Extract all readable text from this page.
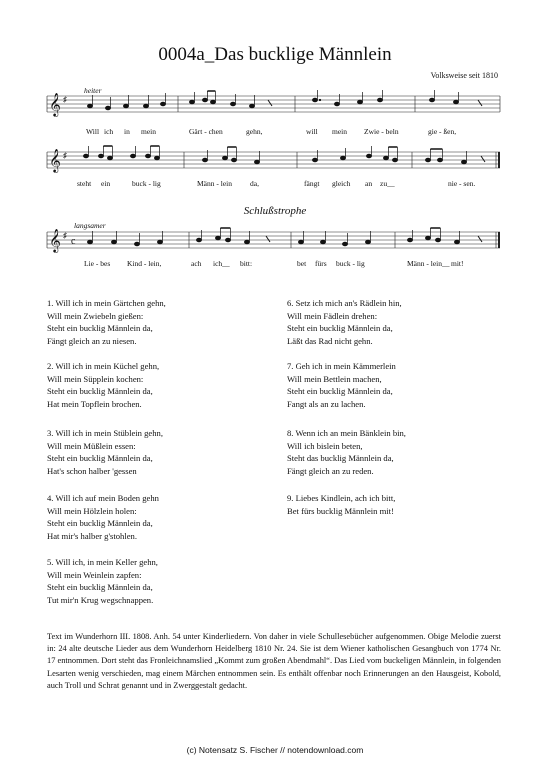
0004a_Das bucklige Männlein
Volksweise seit 1810
heiter
𝄞 ♯
Will ich in mein	Gärt - chen	gehn,	will mein Zwie - beln	gie - ßen,
𝄞 ♯
steht ein	buck - lig	Männ - lein da,	fängt gleich an zu__	nie - sen.
Schlußstrophe
langsamer
𝄞 ♯
c
Lie - bes Kind - lein,	ach ich__ bitt:	bet fürs buck - lig	Männ - lein__ mit!
1. Will ich in mein Gärtchen gehn,
Will mein Zwiebeln gießen:
Steht ein bucklig Männlein da,
Fängt gleich an zu niesen.
2. Will ich in mein Küchel gehn,
Will mein Süpplein kochen:
Steht ein bucklig Männlein da,
Hat mein Topflein brochen.
3. Will ich in mein Stüblein gehn,
Will mein Müßlein essen:
Steht ein bucklig Männlein da,
Hat's schon halber 'gessen
4. Will ich auf mein Boden gehn
Will mein Hölzlein holen:
Steht ein bucklig Männlein da,
Hat mir's halber g'stohlen.
5. Will ich, in mein Keller gehn,
Will mein Weinlein zapfen:
Steht ein bucklig Männlein da,
Tut mir'n Krug wegschnappen.
6. Setz ich mich an's Rädlein hin,
Will mein Fädlein drehen:
Steht ein bucklig Männlein da,
Läßt das Rad nicht gehn.
7. Geh ich in mein Kämmerlein
Will mein Bettlein machen,
Steht ein bucklig Männlein da,
Fangt als an zu lachen.
8. Wenn ich an mein Bänklein bin,
Will ich bislein beten,
Steht das bucklig Männlein da,
Fängt gleich an zu reden.
9. Liebes Kindlein, ach ich bitt,
Bet fürs bucklig Männlein mit!
Text im Wunderhorn III. 1808. Anh. 54 unter Kinderliedern. Von daher in viele Schullesebücher aufgenommen. Obige Melodie zuerst in: 24 alte deutsche Lieder aus dem Wunderhorn Heidelberg 1810 Nr. 24. Sie ist dem Wiener katholischen Gesangbuch von 1774 Nr. 17 entnommen. Dort steht das Fronleichnamslied „Kommt zum großen Abendmahl“. Das Lied vom buckeligen Männlein, in folgenden Lesarten wenig verschieden, mag einem Märchen entnommen sein. Es enthält offenbar noch Erinnerungen an den Hausgeist, Kobold, auch Troll und Schrat genannt und in Zwerggestalt gedacht.
(c) Notensatz S. Fischer // notendownload.com
